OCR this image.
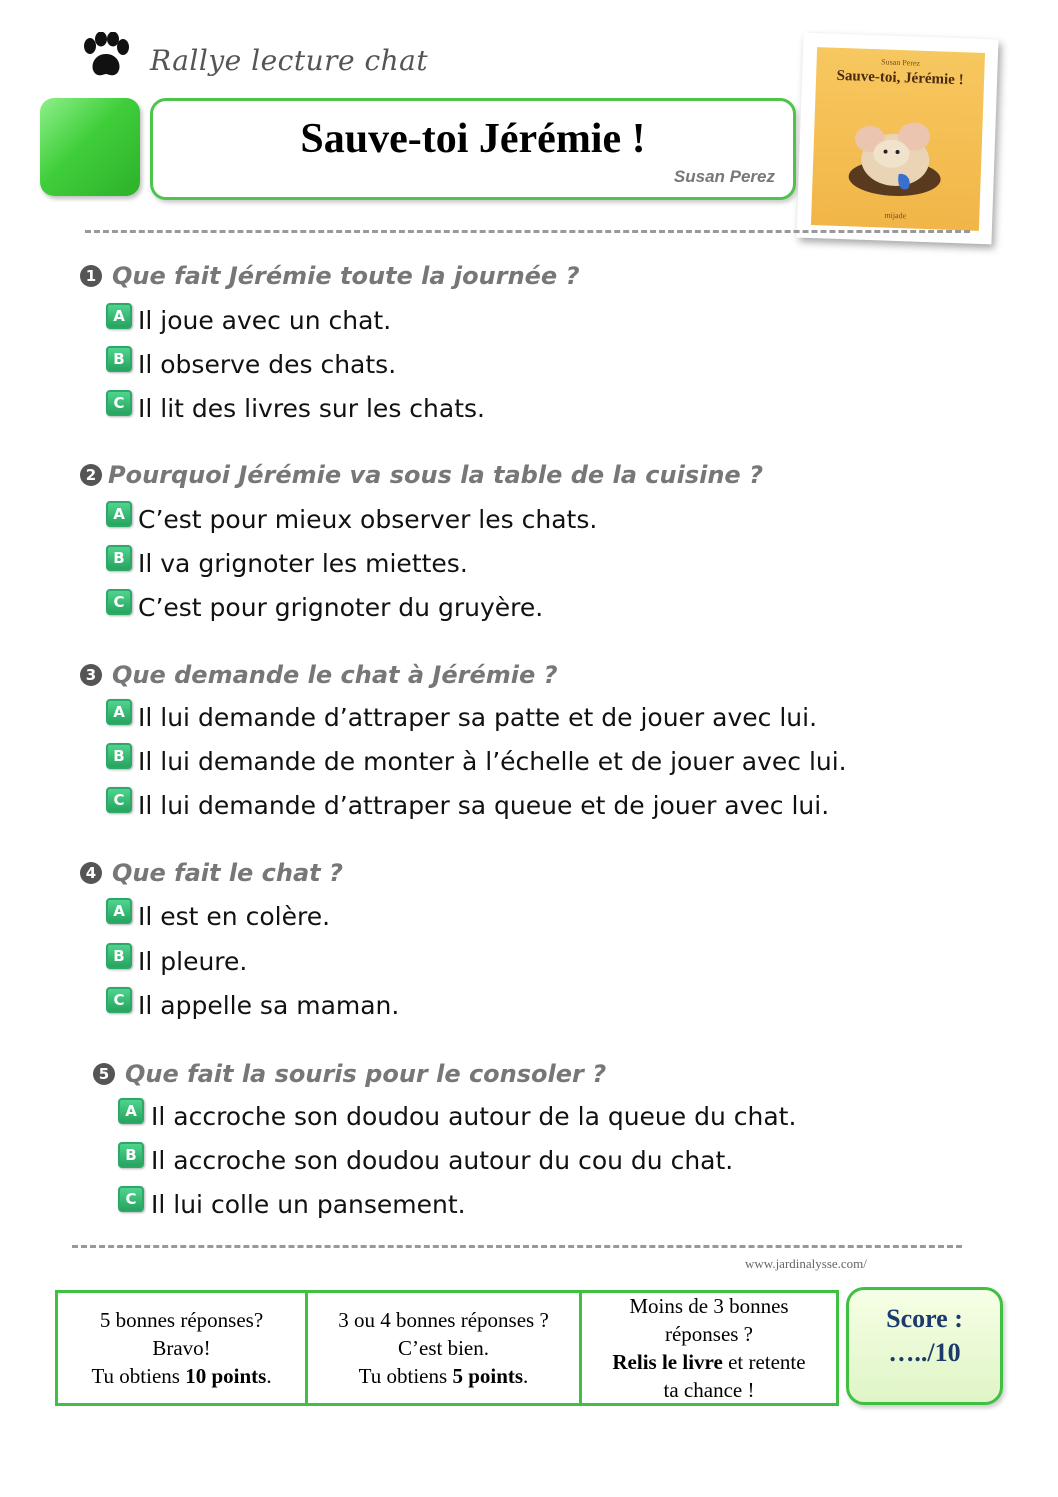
Rallye lecture chat
Sauve-toi Jérémie !
Susan Perez
Susan Perez
Sauve-toi, Jérémie !
mijade
1 Que fait Jérémie toute la journée ?
A Il joue avec un chat.
B Il observe des chats.
C Il lit des livres sur les chats.
2 Pourquoi Jérémie va sous la table de la cuisine ?
A C’est pour mieux observer les chats.
B Il va grignoter les miettes.
C C’est pour grignoter du gruyère.
3 Que demande le chat à Jérémie ?
A Il lui demande d’attraper sa patte et de jouer avec lui.
B Il lui demande de monter à l’échelle et de jouer avec lui.
C Il lui demande d’attraper sa queue et de jouer avec lui.
4 Que fait le chat ?
A Il est en colère.
B Il pleure.
C Il appelle sa maman.
5 Que fait la souris pour le consoler ?
A Il accroche son doudou autour de la queue du chat.
B Il accroche son doudou autour du cou du chat.
C Il lui colle un pansement.
www.jardinalysse.com/
5 bonnes réponses?
Bravo!
Tu obtiens 10 points.
3 ou 4 bonnes réponses ?
C’est bien.
Tu obtiens 5 points.
Moins de 3 bonnes
réponses ?
Relis le livre et retente
ta chance !
Score :
…../10
